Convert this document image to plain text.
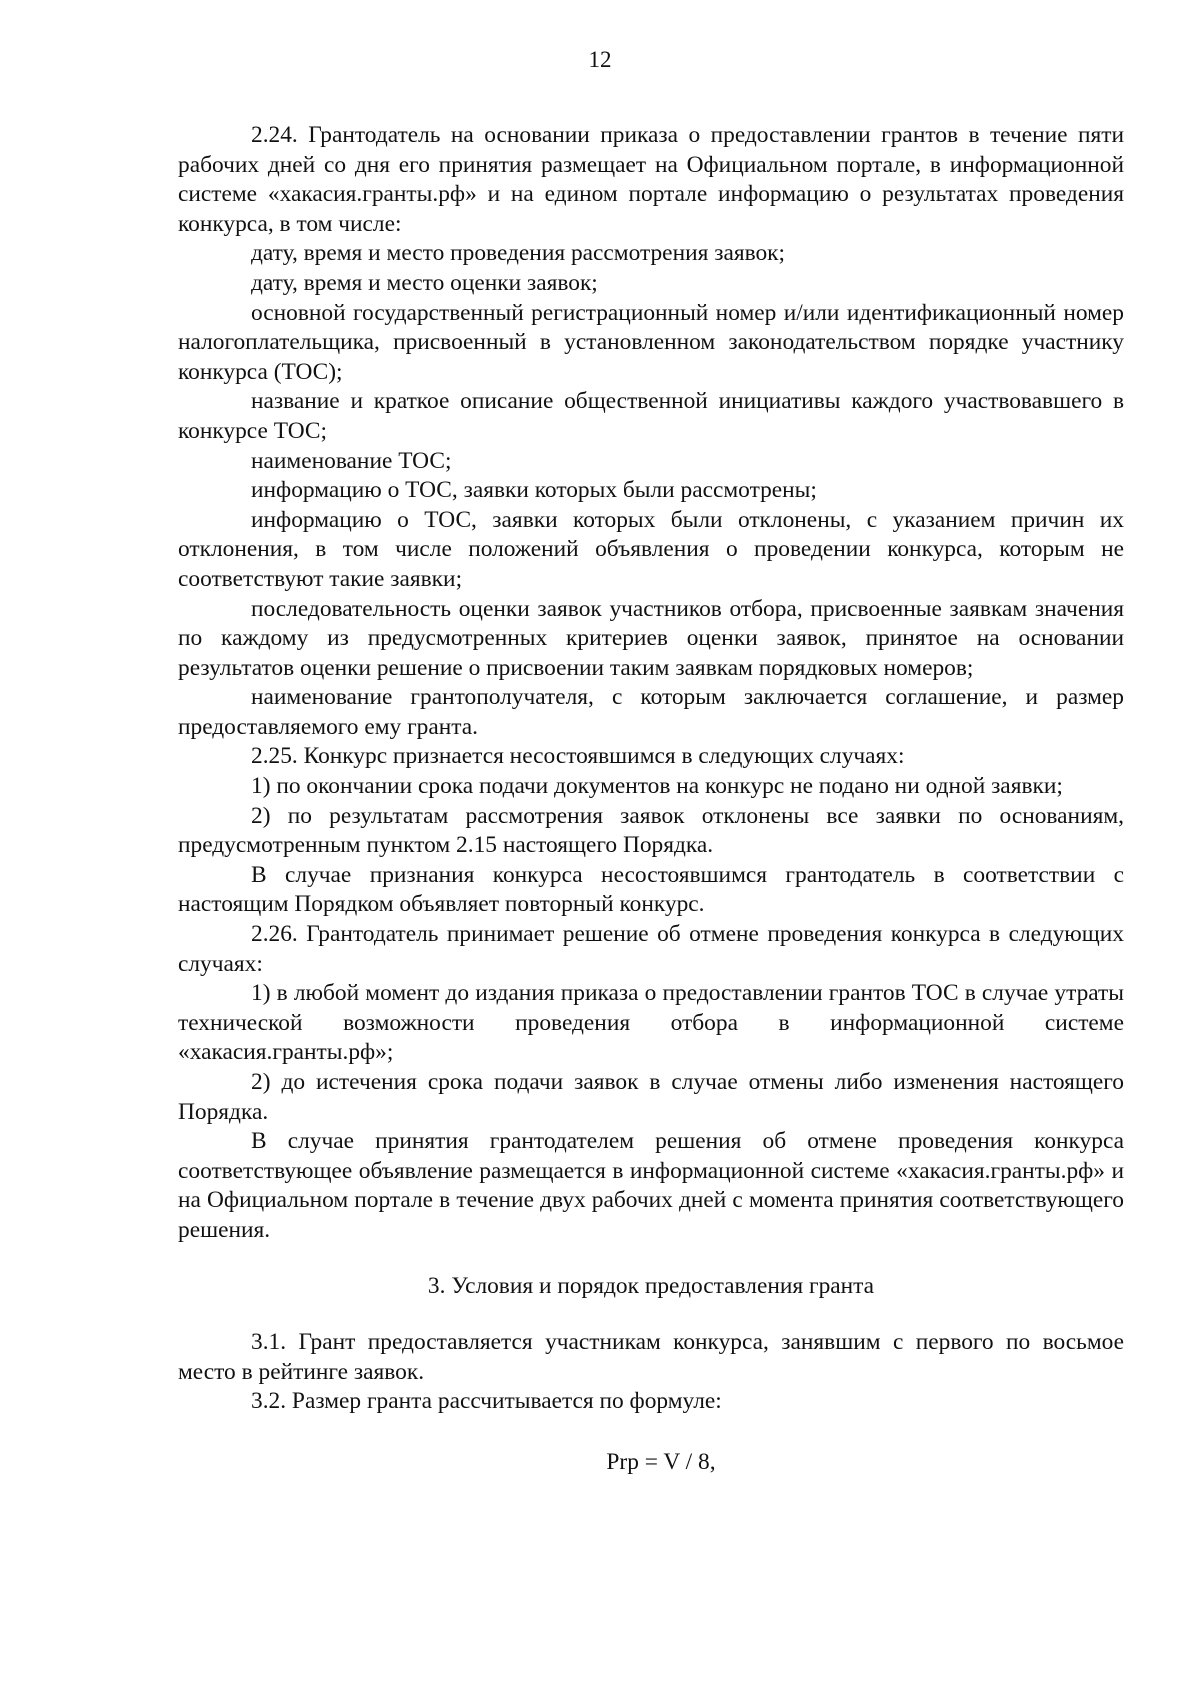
12

2.24. Грантодатель на основании приказа о предоставлении грантов в течение пяти рабочих дней со дня его принятия размещает на Официальном портале, в информационной системе «хакасия.гранты.рф» и на едином портале информацию о результатах проведения конкурса, в том числе:

дату, время и место проведения рассмотрения заявок;

дату, время и место оценки заявок;

основной государственный регистрационный номер и/или идентификационный номер налогоплательщика, присвоенный в установленном законодательством порядке участнику конкурса (ТОС);

название и краткое описание общественной инициативы каждого участвовавшего в конкурсе ТОС;

наименование ТОС;

информацию о ТОС, заявки которых были рассмотрены;

информацию о ТОС, заявки которых были отклонены, с указанием причин их отклонения, в том числе положений объявления о проведении конкурса, которым не соответствуют такие заявки;

последовательность оценки заявок участников отбора, присвоенные заявкам значения по каждому из предусмотренных критериев оценки заявок, принятое на основании результатов оценки решение о присвоении таким заявкам порядковых номеров;

наименование грантополучателя, с которым заключается соглашение, и размер предоставляемого ему гранта.

2.25. Конкурс признается несостоявшимся в следующих случаях:

1) по окончании срока подачи документов на конкурс не подано ни одной заявки;

2) по результатам рассмотрения заявок отклонены все заявки по основаниям, предусмотренным пунктом 2.15 настоящего Порядка.

В случае признания конкурса несостоявшимся грантодатель в соответствии с настоящим Порядком объявляет повторный конкурс.

2.26. Грантодатель принимает решение об отмене проведения конкурса в следующих случаях:

1) в любой момент до издания приказа о предоставлении грантов ТОС в случае утраты технической возможности проведения отбора в информационной системе «хакасия.гранты.рф»;

2) до истечения срока подачи заявок в случае отмены либо изменения настоящего Порядка.

В случае принятия грантодателем решения об отмене проведения конкурса соответствующее объявление размещается в информационной системе «хакасия.гранты.рф» и на Официальном портале в течение двух рабочих дней с момента принятия соответствующего решения.

3. Условия и порядок предоставления гранта

3.1. Грант предоставляется участникам конкурса, занявшим с первого по восьмое место в рейтинге заявок.

3.2. Размер гранта рассчитывается по формуле:

Prp = V / 8,
